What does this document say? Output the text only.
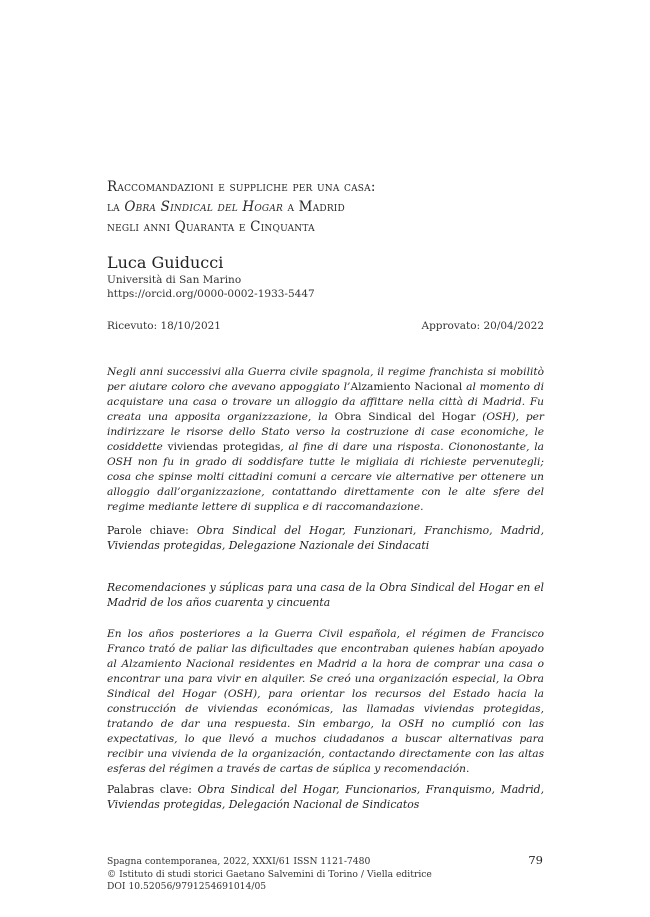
Raccomandazioni e suppliche per una casa:
la Obra Sindical del Hogar a Madrid
negli anni Quaranta e Cinquanta
Luca Guiducci
Università di San Marino
https://orcid.org/0000-0002-1933-5447
Ricevuto: 18/10/2021	Approvato: 20/04/2022
Negli anni successivi alla Guerra civile spagnola, il regime franchista si mobilitò per aiutare coloro che avevano appoggiato l’Alzamiento Nacional al momento di acquistare una casa o trovare un alloggio da affittare nella città di Madrid. Fu creata una apposita organizzazione, la Obra Sindical del Hogar (OSH), per indirizzare le risorse dello Stato verso la costruzione di case economiche, le cosiddette viviendas protegidas, al fine di dare una risposta. Ciononostante, la OSH non fu in grado di soddisfare tutte le migliaia di richieste pervenutegli; cosa che spinse molti cittadini comuni a cercare vie alternative per ottenere un alloggio dall’organizzazione, contattando direttamente con le alte sfere del regime mediante lettere di supplica e di raccomandazione.
Parole chiave: Obra Sindical del Hogar, Funzionari, Franchismo, Madrid, Viviendas protegidas, Delegazione Nazionale dei Sindacati
Recomendaciones y súplicas para una casa de la Obra Sindical del Hogar en el Madrid de los años cuarenta y cincuenta
En los años posteriores a la Guerra Civil española, el régimen de Francisco Franco trató de paliar las dificultades que encontraban quienes habían apoyado al Alzamiento Nacional residentes en Madrid a la hora de comprar una casa o encontrar una para vivir en alquiler. Se creó una organización especial, la Obra Sindical del Hogar (OSH), para orientar los recursos del Estado hacia la construcción de viviendas económicas, las llamadas viviendas protegidas, tratando de dar una respuesta. Sin embargo, la OSH no cumplió con las expectativas, lo que llevó a muchos ciudadanos a buscar alternativas para recibir una vivienda de la organización, contactando directamente con las altas esferas del régimen a través de cartas de súplica y recomendación.
Palabras clave: Obra Sindical del Hogar, Funcionarios, Franquismo, Madrid, Viviendas protegidas, Delegación Nacional de Sindicatos
Spagna contemporanea, 2022, XXXI/61 ISSN 1121-7480
© Istituto di studi storici Gaetano Salvemini di Torino / Viella editrice
DOI 10.52056/9791254691014/05
79
